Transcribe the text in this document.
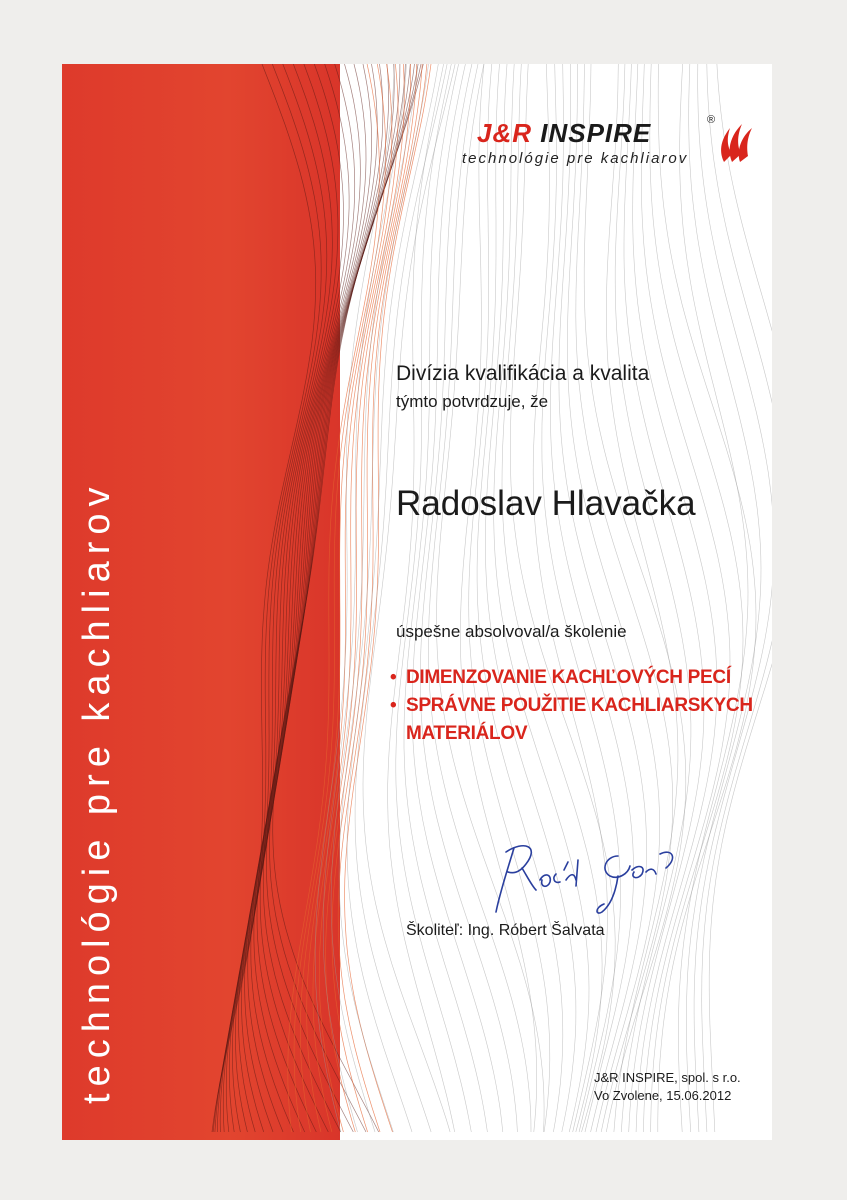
technológie pre kachliarov
J&R INSPIRE	®
technológie pre kachliarov
Divízia kvalifikácia a kvalita
týmto potvrdzuje, že
Radoslav Hlavačka
úspešne absolvoval/a školenie
• DIMENZOVANIE KACHĽOVÝCH PECÍ
• SPRÁVNE POUŽITIE KACHLIARSKYCH
MATERIÁLOV
Školiteľ: Ing. Róbert Šalvata
J&R INSPIRE, spol. s r.o.
Vo Zvolene, 15.06.2012
